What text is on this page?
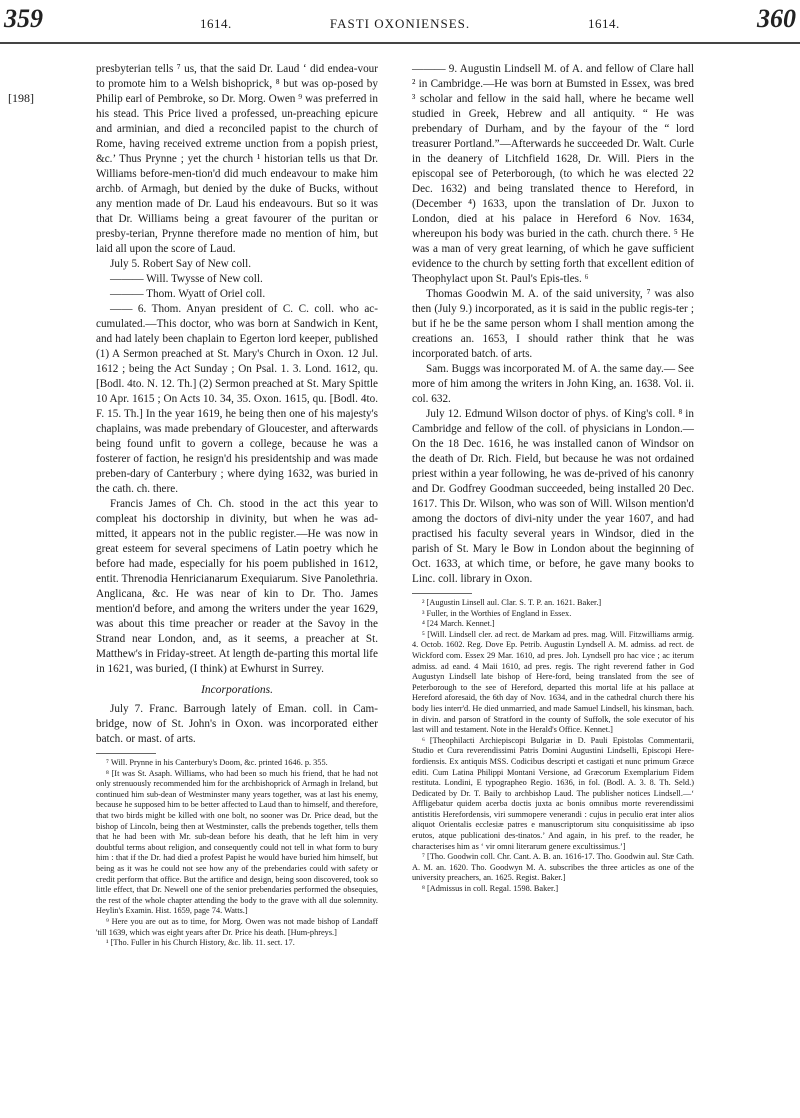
359	1614.	FASTI OXONIENSES.	1614.	360
[198]

presbyterian tells ⁷ us, that the said Dr. Laud ‘ did endea-vour to promote him to a Welsh bishoprick, ⁸ but was op-posed by Philip earl of Pembroke, so Dr. Morg. Owen ⁹ was preferred in his stead. This Price lived a professed, un-preaching epicure and arminian, and died a reconciled papist to the church of Rome, having received extreme unction from a popish priest, &c.’ Thus Prynne ; yet the church ¹ historian tells us that Dr. Williams before-men-tion'd did much endeavour to make him archb. of Armagh, but denied by the duke of Bucks, without any mention made of Dr. Laud his endeavours. But so it was that Dr. Williams being a great favourer of the puritan or presby-terian, Prynne therefore made no mention of him, but laid all upon the score of Laud.

July 5. Robert Say of New coll.

——— Will. Twysse of New coll.

——— Thom. Wyatt of Oriel coll.

—— 6. Thom. Anyan president of C. C. coll. who ac-cumulated.—This doctor, who was born at Sandwich in Kent, and had lately been chaplain to Egerton lord keeper, published (1) A Sermon preached at St. Mary's Church in Oxon. 12 Jul. 1612 ; being the Act Sunday ; On Psal. 1. 3. Lond. 1612, qu. [Bodl. 4to. N. 12. Th.] (2) Sermon preached at St. Mary Spittle 10 Apr. 1615 ; On Acts 10. 34, 35. Oxon. 1615, qu. [Bodl. 4to. F. 15. Th.] In the year 1619, he being then one of his majesty's chaplains, was made prebendary of Gloucester, and afterwards being found unfit to govern a college, because he was a fosterer of faction, he resign'd his presidentship and was made preben-dary of Canterbury ; where dying 1632, was buried in the cath. ch. there.

Francis James of Ch. Ch. stood in the act this year to compleat his doctorship in divinity, but when he was ad-mitted, it appears not in the public register.—He was now in great esteem for several specimens of Latin poetry which he before had made, especially for his poem published in 1612, entit. Threnodia Henricianarum Exequiarum. Sive Panolethria. Anglicana, &c. He was near of kin to Dr. Tho. James mention'd before, and among the writers under the year 1629, was about this time preacher or reader at the Savoy in the Strand near London, and, as it seems, a preacher at St. Matthew's in Friday-street. At length de-parting this mortal life in 1621, was buried, (I think) at Ewhurst in Surrey.

Incorporations.

July 7. Franc. Barrough lately of Eman. coll. in Cam-bridge, now of St. John's in Oxon. was incorporated either batch. or mast. of arts.

⁷ Will. Prynne in his Canterbury's Doom, &c. printed 1646. p. 355.

⁸ [It was St. Asaph. Williams, who had been so much his friend, that he had not only strenuously recommended him for the archbishoprick of Armagh in Ireland, but continued him sub-dean of Westminster many years together, was at last his enemy, because he supposed him to be better affected to Laud than to himself, and therefore, that two birds might be killed with one bolt, no sooner was Dr. Price dead, but the bishop of Lincoln, being then at Westminster, calls the prebends together, tells them that he had been with Mr. sub-dean before his death, that he left him in very doubtful terms about religion, and consequently could not tell in what form to bury him : that if the Dr. had died a profest Papist he would have buried him himself, but being as it was he could not see how any of the prebendaries could with safety or credit perform that office. But the artifice and design, being soon discovered, took so little effect, that Dr. Newell one of the senior prebendaries performed the obsequies, the rest of the whole chapter attending the body to the grave with all due solemnity. Heylin's Examin. Hist. 1659, page 74. Watts.]

⁹ Here you are out as to time, for Morg. Owen was not made bishop of Landaff 'till 1639, which was eight years after Dr. Price his death. [Hum-phreys.]

¹ [Tho. Fuller in his Church History, &c. lib. 11. sect. 17.

——— 9. Augustin Lindsell M. of A. and fellow of Clare hall ² in Cambridge.—He was born at Bumsted in Essex, was bred ³ scholar and fellow in the said hall, where he became well studied in Greek, Hebrew and all antiquity. “ He was prebendary of Durham, and by the fayour of the “ lord treasurer Portland.”—Afterwards he succeeded Dr. Walt. Curle in the deanery of Litchfield 1628, Dr. Will. Piers in the episcopal see of Peterborough, (to which he was elected 22 Dec. 1632) and being translated thence to Hereford, in (December ⁴) 1633, upon the translation of Dr. Juxon to London, died at his palace in Hereford 6 Nov. 1634, whereupon his body was buried in the cath. church there. ⁵ He was a man of very great learning, of which he gave sufficient evidence to the church by setting forth that excellent edition of Theophylact upon St. Paul's Epis-tles. ⁶

Thomas Goodwin M. A. of the said university, ⁷ was also then (July 9.) incorporated, as it is said in the public regis-ter ; but if he be the same person whom I shall mention among the creations an. 1653, I should rather think that he was incorporated batch. of arts.

Sam. Buggs was incorporated M. of A. the same day.— See more of him among the writers in John King, an. 1638. Vol. ii. col. 632.

July 12. Edmund Wilson doctor of phys. of King's coll. ⁸ in Cambridge and fellow of the coll. of physicians in London.—On the 18 Dec. 1616, he was installed canon of Windsor on the death of Dr. Rich. Field, but because he was not ordained priest within a year following, he was de-prived of his canonry and Dr. Godfrey Goodman succeeded, being installed 20 Dec. 1617. This Dr. Wilson, who was son of Will. Wilson mention'd among the doctors of divi-nity under the year 1607, and had practised his faculty several years in Windsor, died in the parish of St. Mary le Bow in London about the beginning of Oct. 1633, at which time, or before, he gave many books to Linc. coll. library in Oxon.

² [Augustin Linsell aul. Clar. S. T. P. an. 1621. Baker.]

³ Fuller, in the Worthies of England in Essex.

⁴ [24 March. Kennet.]

⁵ [Will. Lindsell cler. ad rect. de Markam ad pres. mag. Will. Fitzwilliams armig. 4. Octob. 1602. Reg. Dove Ep. Petrib. Augustin Lyndsell A. M. admiss. ad rect. de Wickford com. Essex 29 Mar. 1610, ad pres. Joh. Lyndsell pro hac vice ; ac iterum admiss. ad eand. 4 Maii 1610, ad pres. regis. The right reverend father in God Augustyn Lindsell late bishop of Here-ford, being translated from the see of Peterborough to the see of Hereford, departed this mortal life at his pallace at Hereford aforesaid, the 6th day of Nov. 1634, and in the cathedral church there his body lies interr'd. He died unmarried, and made Samuel Lindsell, his kinsman, bach. in divin. and parson of Stratford in the county of Suffolk, the sole executor of his last will and testament. Note in the Herald's Office. Kennet.]

⁶ [Theophilacti Archiepiscopi Bulgariæ in D. Pauli Epistolas Commentarii, Studio et Cura reverendissimi Patris Domini Augustini Lindselli, Episcopi Here-fordiensis. Ex antiquis MSS. Codicibus descripti et castigati et nunc primum Græce editi. Cum Latina Philippi Montani Versione, ad Græcorum Exemplarium Fidem restituta. Londini, E typographeo Regio. 1636, in fol. (Bodl. A. 3. 8. Th. Seld.) Dedicated by Dr. T. Baily to archbishop Laud. The publisher notices Lindsell.—‘ Affligebatur quidem acerba doctis juxta ac bonis omnibus morte reverendissimi antistitis Herefordensis, viri summopere venerandi : cujus in peculio erat inter alios aliquot Orientalis ecclesiæ patres e manuscriptorum situ conquisitissime ab ipso erutos, atque publicationi des-tinatos.’ And again, in his pref. to the reader, he characterises him as ‘ vir omni literarum genere excultissimus.’]

⁷ [Tho. Goodwin coll. Chr. Cant. A. B. an. 1616-17. Tho. Goodwin aul. Stæ Cath. A. M. an. 1620. Tho. Goodwyn M. A. subscribes the three articles as one of the university preachers, an. 1625. Regist. Baker.]

⁸ [Admissus in coll. Regal. 1598. Baker.]
